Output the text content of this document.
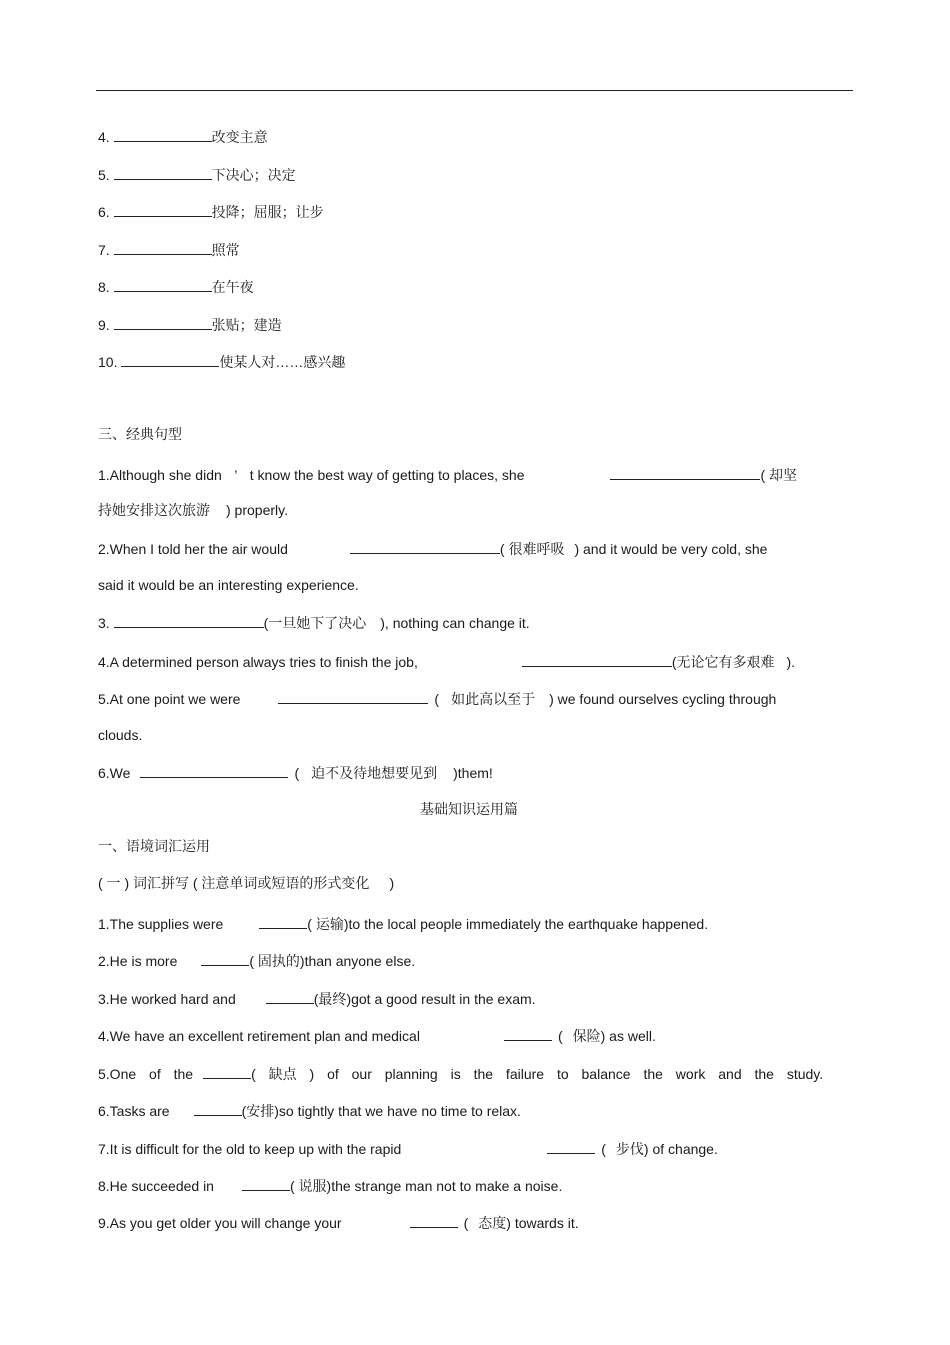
4.	改变主意
5.	下决心；决定
6.	投降；屈服；让步
7.	照常
8.	在午夜
9.	张贴；建造
10.	使某人对……感兴趣
三、经典句型
1.Although she didn ’ t know the best way of getting to places, she	( 却坚
持她安排这次旅游 ) properly.
2.When I told her the air would	( 很难呼吸 ) and it would be very cold, she
said it would be an interesting experience.
3.	(一旦她下了决心 ), nothing can change it.
4.A determined person always tries to finish the job,	(无论它有多艰难 ).
5.At one point we were	( 如此高以至于 ) we found ourselves cycling through
clouds.
6.We	( 迫不及待地想要见到 )them!
基础知识运用篇
一、语境词汇运用
( 一 ) 词汇拼写 ( 注意单词或短语的形式变化 )
1.The supplies were	( 运输)to the local people immediately the earthquake happened.
2.He is more	( 固执的)than anyone else.
3.He worked hard and	(最终)got a good result in the exam.
4.We have an excellent retirement plan and medical	( 保险) as well.
5.One of the	( 缺点 ) of our planning is the failure to balance the work and the study.
6.Tasks are	(安排)so tightly that we have no time to relax.
7.It is difficult for the old to keep up with the rapid	( 步伐) of change.
8.He succeeded in	( 说服)the strange man not to make a noise.
9.As you get older you will change your	( 态度) towards it.
